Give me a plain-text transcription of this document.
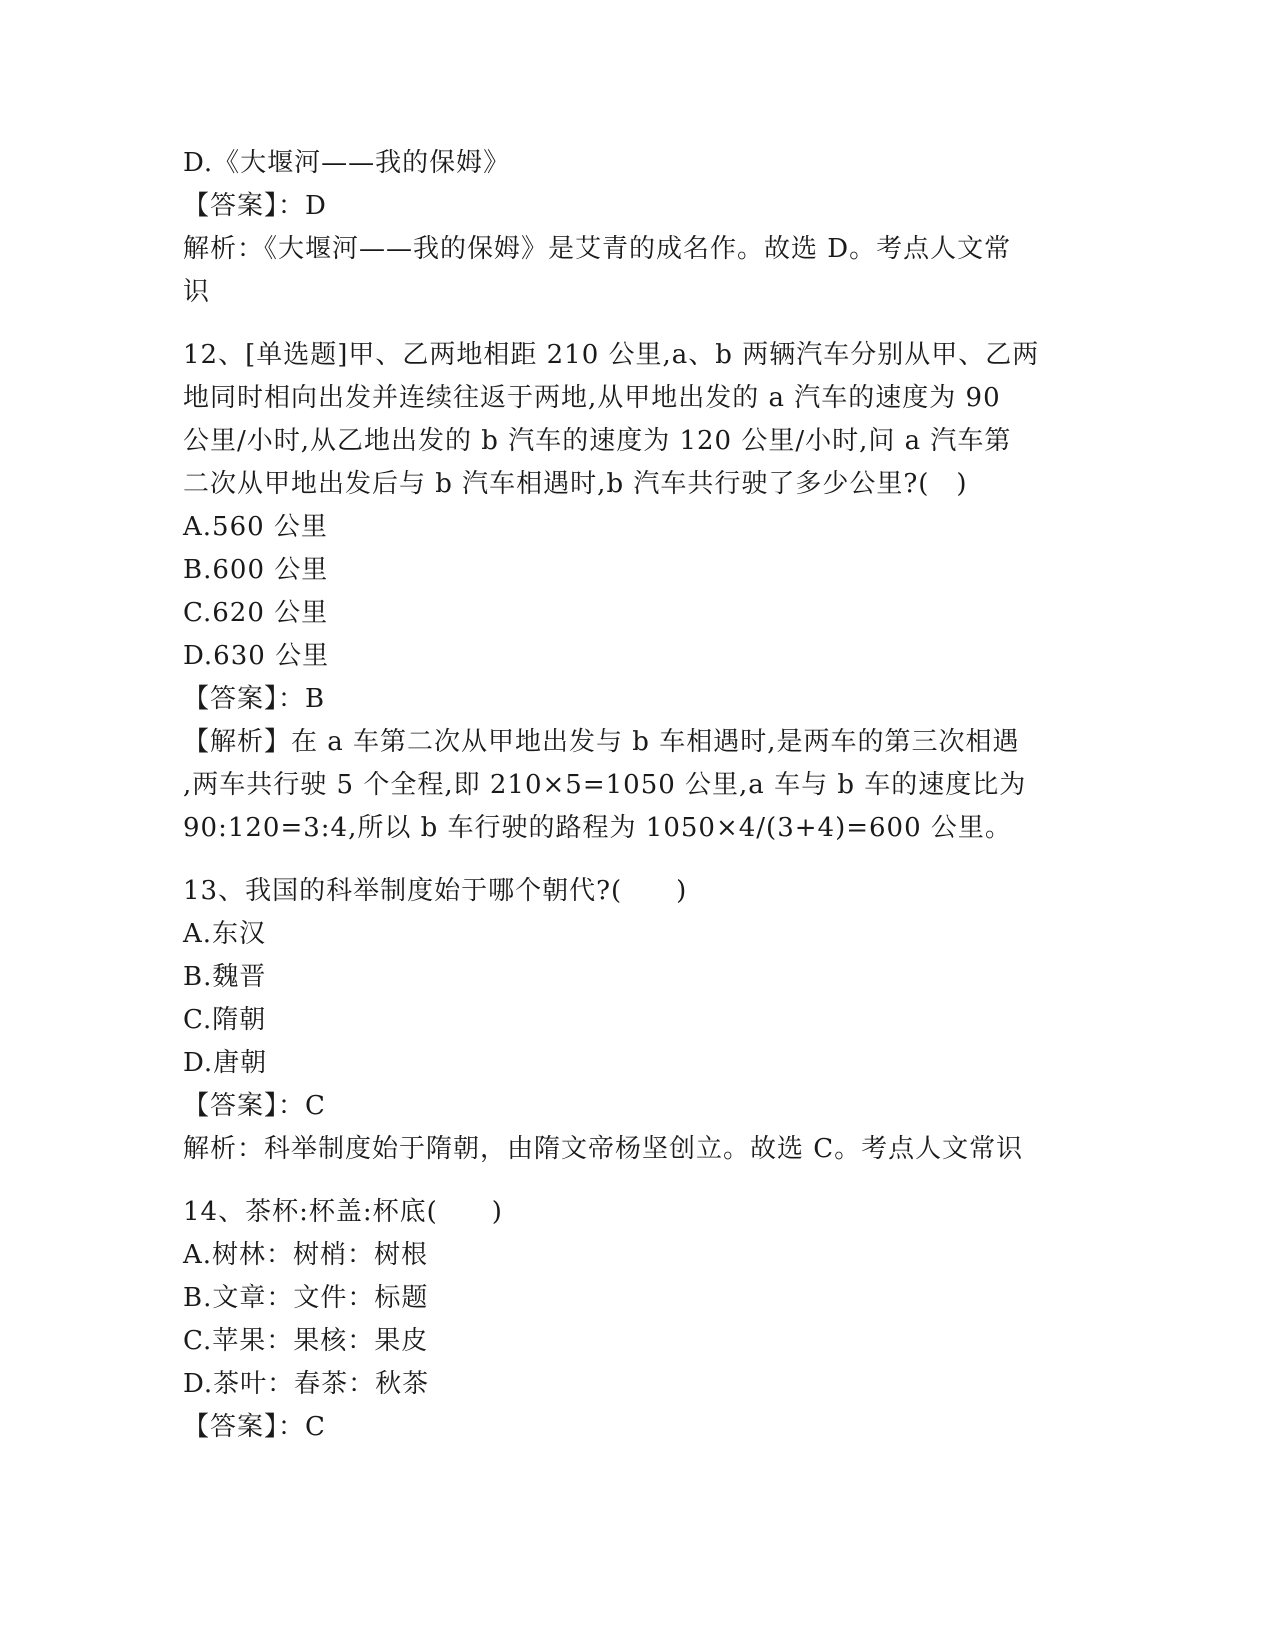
D.《大堰河——我的保姆》
【答案】：D
解析：《大堰河——我的保姆》是艾青的成名作。故选 D。考点人文常
识
12、[单选题]甲、乙两地相距 210 公里,a、b 两辆汽车分别从甲、乙两
地同时相向出发并连续往返于两地,从甲地出发的 a 汽车的速度为 90
公里/小时,从乙地出发的 b 汽车的速度为 120 公里/小时,问 a 汽车第
二次从甲地出发后与 b 汽车相遇时,b 汽车共行驶了多少公里?(　)
A.560 公里
B.600 公里
C.620 公里
D.630 公里
【答案】：B
【解析】在 a 车第二次从甲地出发与 b 车相遇时,是两车的第三次相遇
,两车共行驶 5 个全程,即 210×5=1050 公里,a 车与 b 车的速度比为
90:120=3:4,所以 b 车行驶的路程为 1050×4/(3+4)=600 公里。
13、我国的科举制度始于哪个朝代?(　　)
A.东汉
B.魏晋
C.隋朝
D.唐朝
【答案】：C
解析：科举制度始于隋朝，由隋文帝杨坚创立。故选 C。考点人文常识
14、茶杯:杯盖:杯底(　　)
A.树林：树梢：树根
B.文章：文件：标题
C.苹果：果核：果皮
D.茶叶：春茶：秋茶
【答案】：C
